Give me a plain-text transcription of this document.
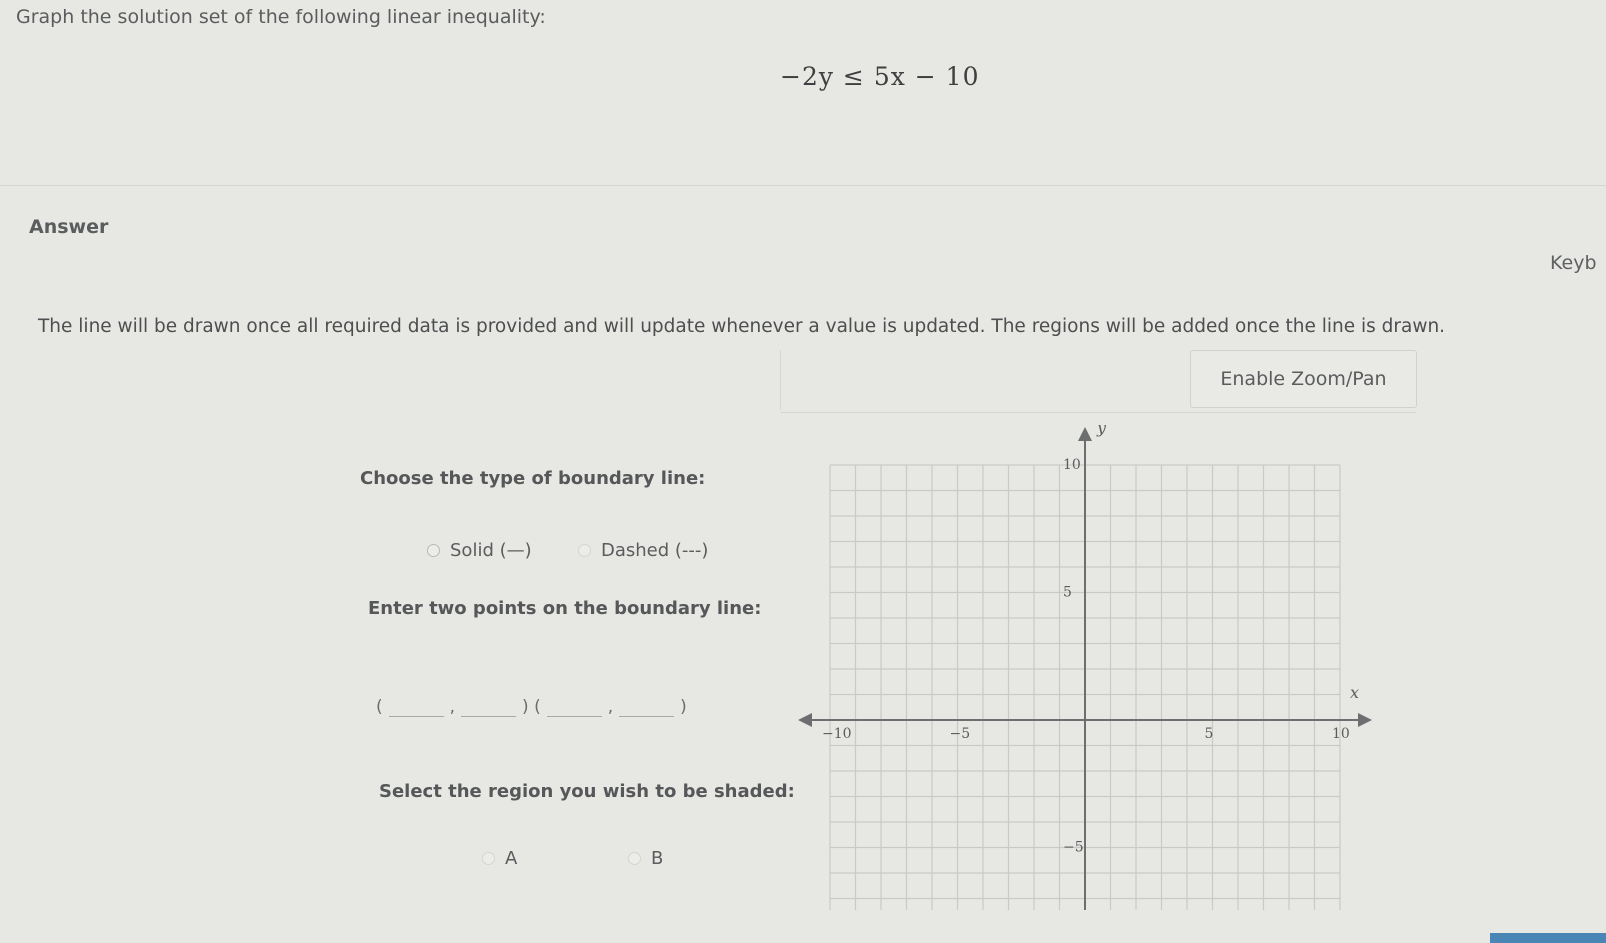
Graph the solution set of the following linear inequality:
−2y ≤ 5x − 10
Answer
Keyb
The line will be drawn once all required data is provided and will update whenever a value is updated. The regions will be added once the line is drawn.
Enable Zoom/Pan
Choose the type of boundary line:
Solid (—)	Dashed (---)
Enter two points on the boundary line:
(	,	) (	,	)
Select the region you wish to be shaded:
A	B
x
y
−10	−5	5	10
10
5
−5
